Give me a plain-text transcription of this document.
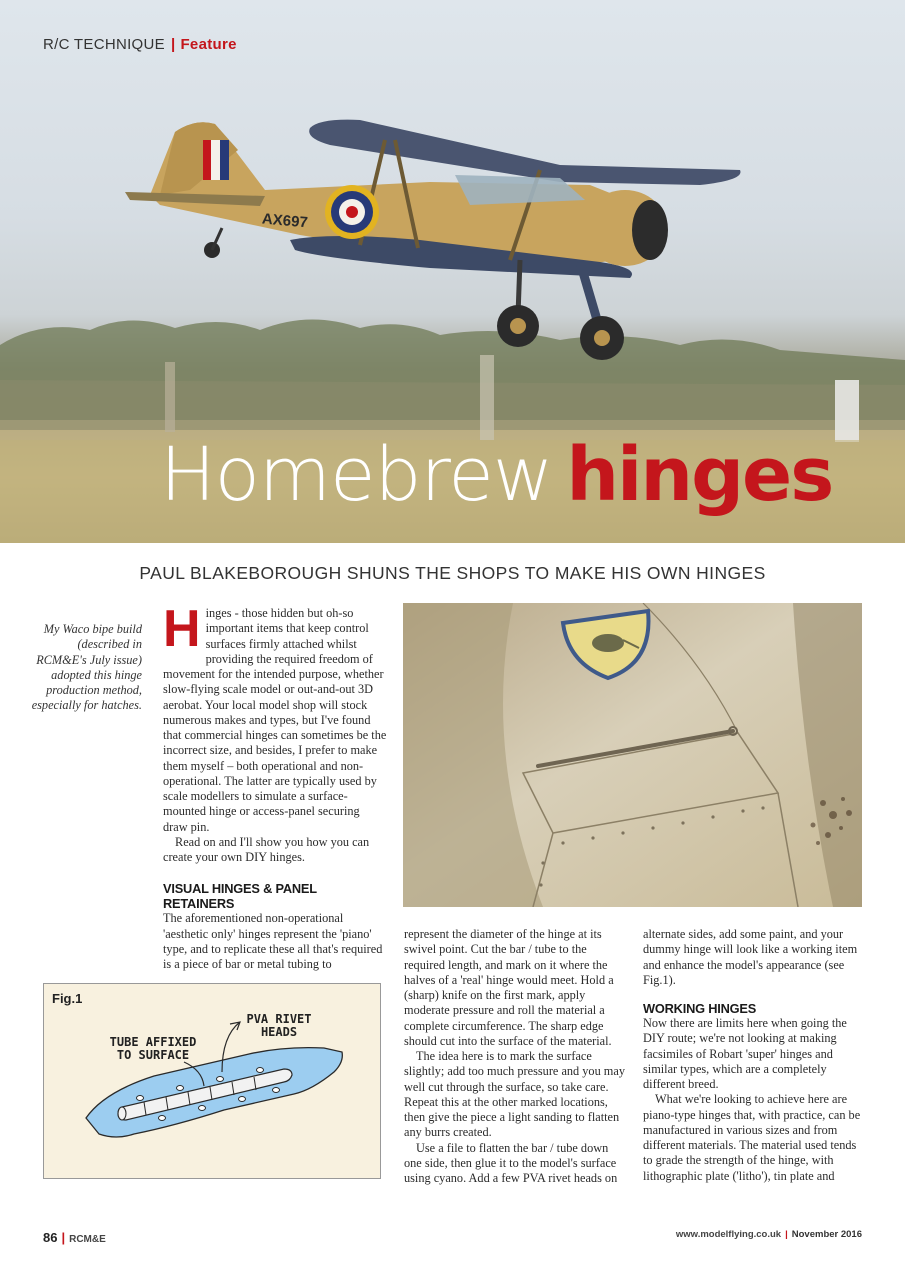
AX697
R/C TECHNIQUE | Feature
Homebrew hinges
PAUL BLAKEBOROUGH SHUNS THE SHOPS TO MAKE HIS OWN HINGES
My Waco bipe build (described in RCM&E's July issue) adopted this hinge production method, especially for hatches.

Hinges - those hidden but oh-so important items that keep control surfaces firmly attached whilst providing the required freedom of movement for the intended purpose, whether slow-flying scale model or out-and-out 3D aerobat. Your local model shop will stock numerous makes and types, but I've found that commercial hinges can sometimes be the incorrect size, and besides, I prefer to make them myself – both operational and non-operational. The latter are typically used by scale modellers to simulate a surface-mounted hinge or access-panel securing draw pin.

Read on and I'll show you how you can create your own DIY hinges.

VISUAL HINGES & PANEL RETAINERS

The aforementioned non-operational 'aesthetic only' hinges represent the 'piano' type, and to replicate these all that's required is a piece of bar or metal tubing to

represent the diameter of the hinge at its swivel point. Cut the bar / tube to the required length, and mark on it where the halves of a 'real' hinge would meet. Hold a (sharp) knife on the first mark, apply moderate pressure and roll the material a complete circumference. The sharp edge should cut into the surface of the material.

The idea here is to mark the surface slightly; add too much pressure and you may well cut through the surface, so take care. Repeat this at the other marked locations, then give the piece a light sanding to flatten any burrs created.

Use a file to flatten the bar / tube down one side, then glue it to the model's surface using cyano. Add a few PVA rivet heads on

alternate sides, add some paint, and your dummy hinge will look like a working item and enhance the model's appearance (see Fig.1).

WORKING HINGES

Now there are limits here when going the DIY route; we're not looking at making facsimiles of Robart 'super' hinges and similar types, which are a completely different breed.

What we're looking to achieve here are piano-type hinges that, with practice, can be manufactured in various sizes and from different materials. The material used tends to grade the strength of the hinge, with lithographic plate ('litho'), tin plate and

Fig.1
TUBE AFFIXED
TO SURFACE
PVA RIVET
HEADS
86 | RCM&E	www.modelflying.co.uk | November 2016
